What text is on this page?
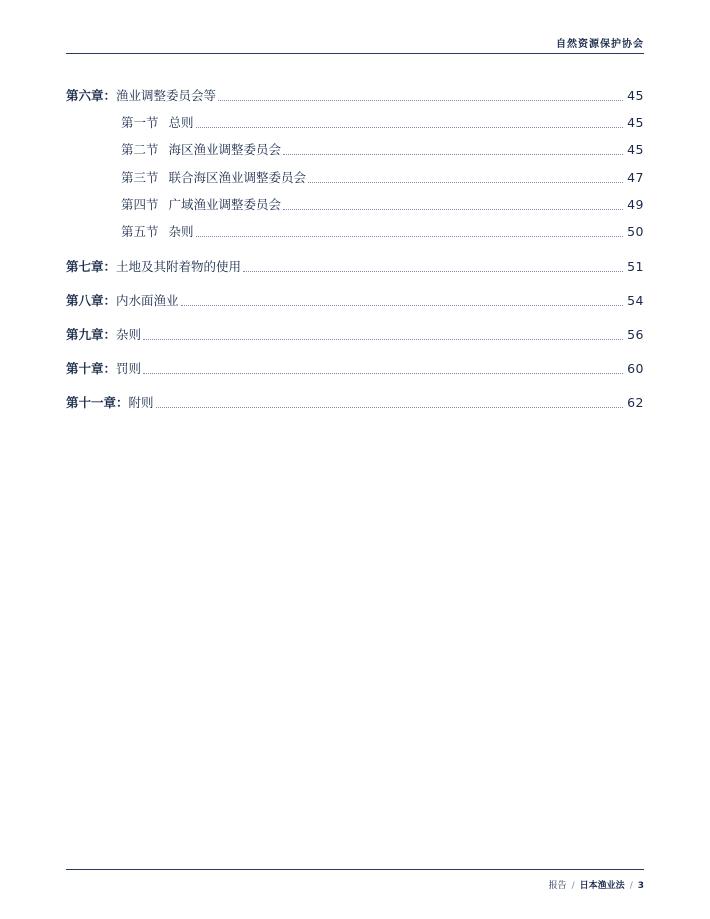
自然资源保护协会
第六章：渔业调整委员会等	45
第一节 总则	45
第二节 海区渔业调整委员会	45
第三节 联合海区渔业调整委员会	47
第四节 广域渔业调整委员会	49
第五节 杂则	50
第七章：土地及其附着物的使用	51
第八章：内水面渔业	54
第九章：杂则	56
第十章：罚则	60
第十一章：附则	62
报告 / 日本渔业法 / 3
